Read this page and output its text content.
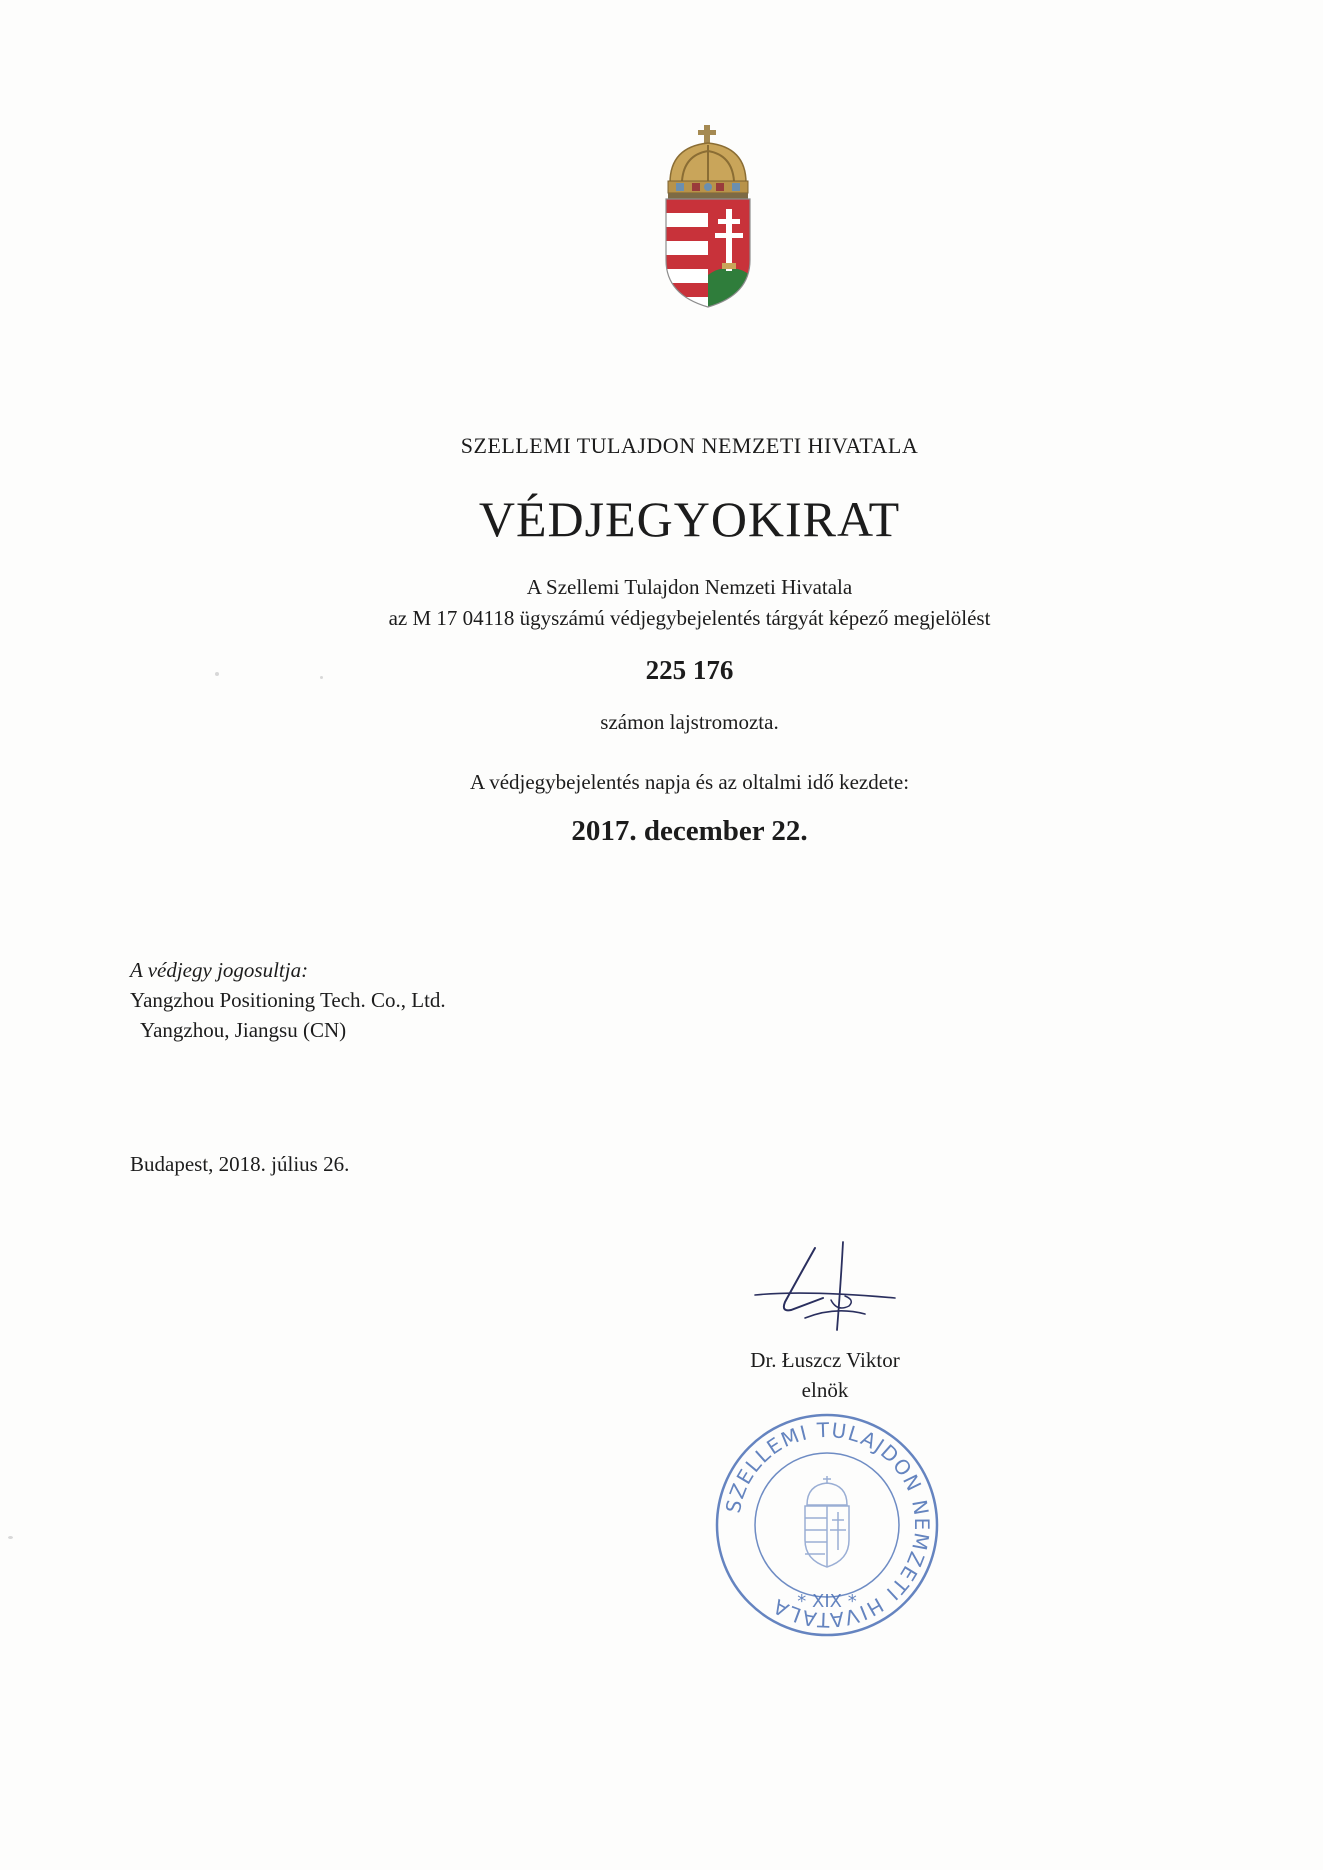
SZELLEMI TULAJDON NEMZETI HIVATALA
VÉDJEGYOKIRAT
A Szellemi Tulajdon Nemzeti Hivatala
az M 17 04118 ügyszámú védjegybejelentés tárgyát képező megjelölést
225 176
számon lajstromozta.
A védjegybejelentés napja és az oltalmi idő kezdete:
2017. december 22.
A védjegy jogosultja:
Yangzhou Positioning Tech. Co., Ltd.
Yangzhou, Jiangsu (CN)
Budapest, 2018. július 26.
Dr. Łuszcz Viktor
elnök
SZELLEMI TULAJDON NEMZETI HIVATALA * XIX *
